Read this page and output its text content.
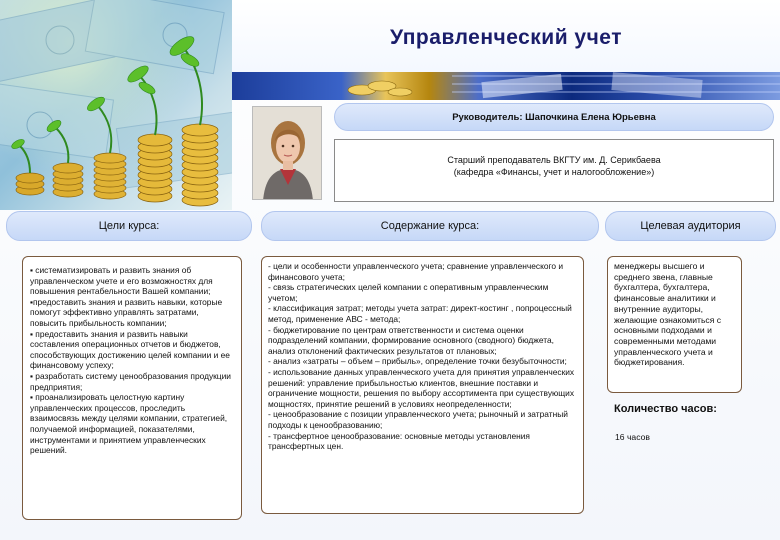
Управленческий учет
Руководитель: Шапочкина Елена Юрьевна
Старший преподаватель ВКГТУ им. Д. Серикбаева
(кафедра «Финансы, учет и налогообложение»)
Цели курса:	Содержание курса:	Целевая аудитория
▪ систематизировать и развить знания об управленческом учете и его возможностях для повышения рентабельности Вашей компании;
▪предоставить знания и развить навыки, которые помогут эффективно управлять затратами, повысить прибыльность компании;
▪ предоставить знания и развить навыки составления операционных отчетов и бюджетов, способствующих достижению целей компании и ее финансовому успеху;
▪ разработать систему ценообразования продукции предприятия;
▪ проанализировать целостную картину управленческих процессов, проследить взаимосвязь между целями компании, стратегией, получаемой информацией, показателями, инструментами и принятием управленческих решений.
- цели и особенности управленческого учета; сравнение управленческого и финансового учета;
- связь стратегических целей компании с оперативным управленческим учетом;
- классификация затрат; методы учета затрат: директ-костинг , попроцессный метод, применение АВС - метода;
- бюджетирование по центрам ответственности и система оценки подразделений компании, формирование основного (сводного) бюджета, анализ отклонений фактических результатов от плановых;
- анализ «затраты – объем – прибыль», определение точки безубыточности;
- использование данных управленческого учета для принятия управленческих решений: управление прибыльностью клиентов, внешние поставки и ограничение мощности, решения по выбору ассортимента при существующих мощностях, принятие решений в условиях неопределенности;
- ценообразование с позиции управленческого учета; рыночный и затратный подходы к ценообразованию;
- трансфертное ценообразование: основные методы установления трансфертных цен.
менеджеры высшего и среднего звена, главные бухгалтера, бухгалтера, финансовые аналитики и внутренние аудиторы, желающие ознакомиться с основными подходами и современными методами управленческого учета и бюджетирования.
Количество часов:
16 часов
